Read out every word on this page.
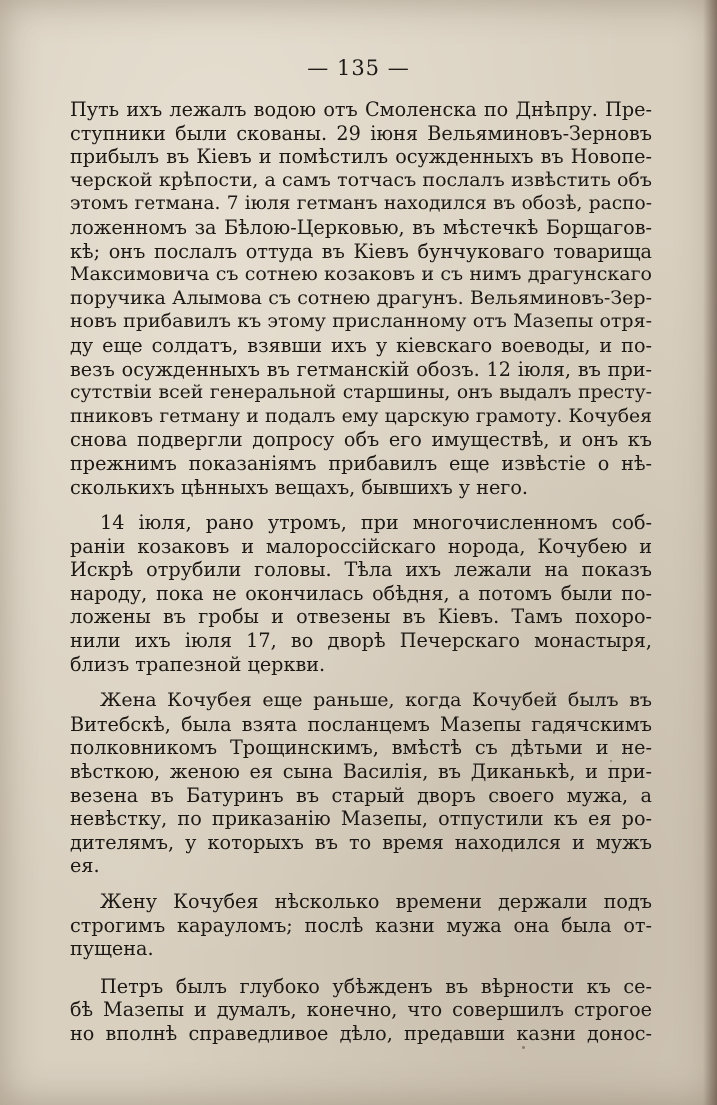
— 135 —
Путь ихъ лежалъ водою отъ Смоленска по Днѣпру. Пре-
ступники были скованы. 29 іюня Вельяминовъ-Зерновъ
прибылъ въ Кіевъ и помѣстилъ осужденныхъ въ Новопе-
черской крѣпости, а самъ тотчасъ послалъ извѣстить объ
этомъ гетмана. 7 іюля гетманъ находился въ обозѣ, распо-
ложенномъ за Бѣлою-Церковью, въ мѣстечкѣ Борщагов-
кѣ; онъ послалъ оттуда въ Кіевъ бунчуковаго товарища
Максимовича съ сотнею козаковъ и съ нимъ драгунскаго
поручика Алымова съ сотнею драгунъ. Вельяминовъ-Зер-
новъ прибавилъ къ этому присланному отъ Мазепы отря-
ду еще солдатъ, взявши ихъ у кіевскаго воеводы, и по-
везъ осужденныхъ въ гетманскій обозъ. 12 іюля, въ при-
сутствіи всей генеральной старшины, онъ выдалъ престу-
пниковъ гетману и подалъ ему царскую грамоту. Кочубея
снова подвергли допросу объ его имуществѣ, и онъ къ
прежнимъ показаніямъ прибавилъ еще извѣстіе о нѣ-
сколькихъ цѣнныхъ вещахъ, бывшихъ у него.
14 іюля, рано утромъ, при многочисленномъ соб-
раніи козаковъ и малороссійскаго норода, Кочубею и
Искрѣ отрубили головы. Тѣла ихъ лежали на показъ
народу, пока не окончилась обѣдня, а потомъ были по-
ложены въ гробы и отвезены въ Кіевъ. Тамъ похоро-
нили ихъ іюля 17, во дворѣ Печерскаго монастыря,
близъ трапезной церкви.
Жена Кочубея еще раньше, когда Кочубей былъ въ
Витебскѣ, была взята посланцемъ Мазепы гадячскимъ
полковникомъ Трощинскимъ, вмѣстѣ съ дѣтьми и не-
вѣсткою, женою ея сына Василія, въ Диканькѣ, и при-
везена въ Батуринъ въ старый дворъ своего мужа, а
невѣстку, по приказанію Мазепы, отпустили къ ея ро-
дителямъ, у которыхъ въ то время находился и мужъ
ея.
Жену Кочубея нѣсколько времени держали подъ
строгимъ карауломъ; послѣ казни мужа она была от-
пущена.
Петръ былъ глубоко убѣжденъ въ вѣрности къ се-
бѣ Мазепы и думалъ, конечно, что совершилъ строгое
но вполнѣ справедливое дѣло, предавши казни донос-
